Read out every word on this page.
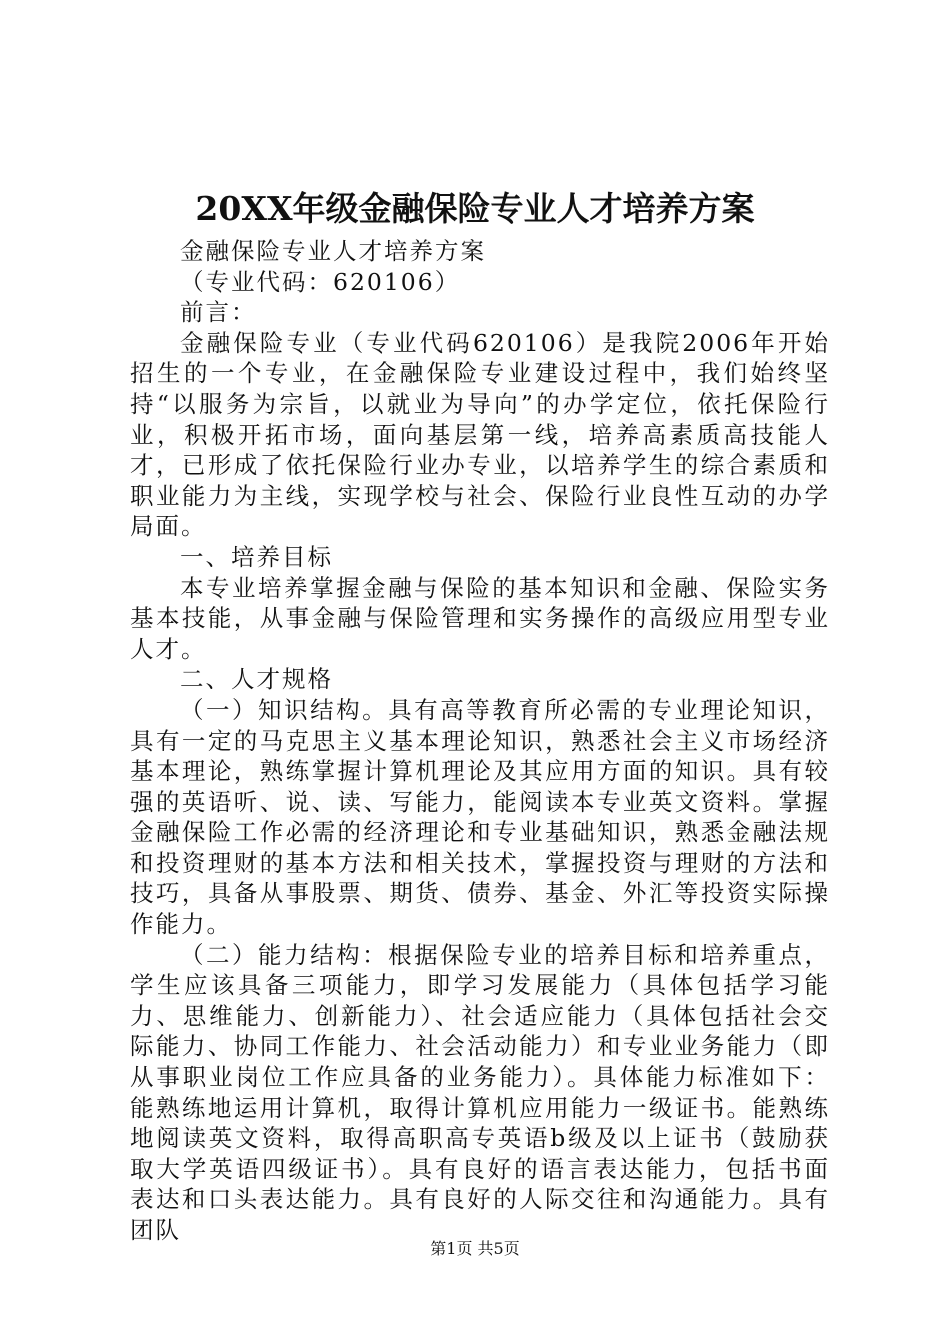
20XX年级金融保险专业人才培养方案

金融保险专业人才培养方案

（专业代码：620106）

前言：

金融保险专业（专业代码620106）是我院2006年开始招生的一个专业，在金融保险专业建设过程中，我们始终坚持“以服务为宗旨，以就业为导向”的办学定位，依托保险行业，积极开拓市场，面向基层第一线，培养高素质高技能人才，已形成了依托保险行业办专业，以培养学生的综合素质和职业能力为主线，实现学校与社会、保险行业良性互动的办学局面。

一、培养目标

本专业培养掌握金融与保险的基本知识和金融、保险实务基本技能，从事金融与保险管理和实务操作的高级应用型专业人才。

二、人才规格

（一）知识结构。具有高等教育所必需的专业理论知识，具有一定的马克思主义基本理论知识，熟悉社会主义市场经济基本理论，熟练掌握计算机理论及其应用方面的知识。具有较强的英语听、说、读、写能力，能阅读本专业英文资料。掌握金融保险工作必需的经济理论和专业基础知识，熟悉金融法规和投资理财的基本方法和相关技术，掌握投资与理财的方法和技巧，具备从事股票、期货、债券、基金、外汇等投资实际操作能力。

（二）能力结构：根据保险专业的培养目标和培养重点，学生应该具备三项能力，即学习发展能力（具体包括学习能力、思维能力、创新能力）、社会适应能力（具体包括社会交际能力、协同工作能力、社会活动能力）和专业业务能力（即从事职业岗位工作应具备的业务能力）。具体能力标准如下：能熟练地运用计算机，取得计算机应用能力一级证书。能熟练地阅读英文资料，取得高职高专英语b级及以上证书（鼓励获取大学英语四级证书）。具有良好的语言表达能力，包括书面表达和口头表达能力。具有良好的人际交往和沟通能力。具有团队

第1页 共5页
